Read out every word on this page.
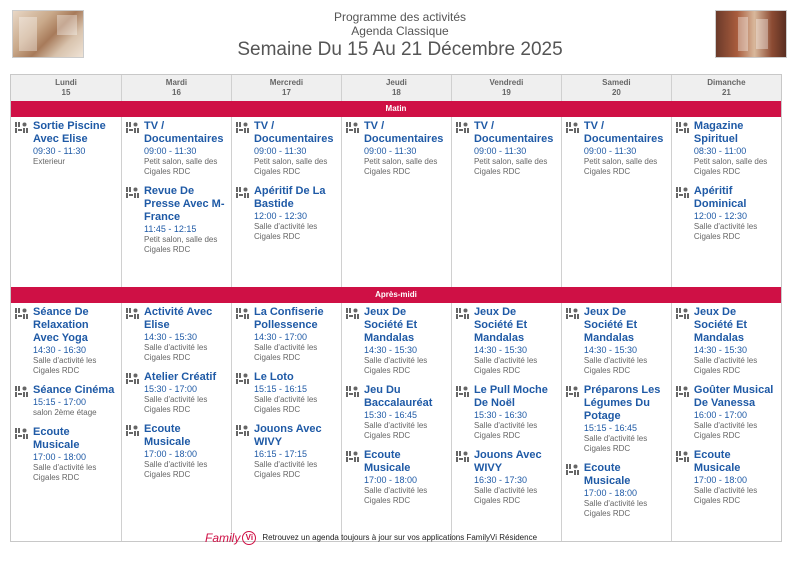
Programme des activités
Agenda Classique
Semaine Du 15 Au 21 Décembre 2025
Lundi
15
Mardi
16
Mercredi
17
Jeudi
18
Vendredi
19
Samedi
20
Dimanche
21
Matin
Sortie Piscine Avec Elise
09:30 - 11:30
Exterieur
TV / Documentaires
09:00 - 11:30
Petit salon, salle des Cigales RDC
Revue De Presse Avec M-France
11:45 - 12:15
Petit salon, salle des Cigales RDC
TV / Documentaires
09:00 - 11:30
Petit salon, salle des Cigales RDC
Apéritif De La Bastide
12:00 - 12:30
Salle d'activité les Cigales RDC
TV / Documentaires
09:00 - 11:30
Petit salon, salle des Cigales RDC
TV / Documentaires
09:00 - 11:30
Petit salon, salle des Cigales RDC
TV / Documentaires
09:00 - 11:30
Petit salon, salle des Cigales RDC
Magazine Spirituel
08:30 - 11:00
Petit salon, salle des Cigales RDC
Apéritif Dominical
12:00 - 12:30
Salle d'activité les Cigales RDC
Après-midi
Séance De Relaxation Avec Yoga
14:30 - 16:30
Salle d'activité les Cigales RDC
Séance Cinéma
15:15 - 17:00
salon 2ème étage
Ecoute Musicale
17:00 - 18:00
Salle d'activité les Cigales RDC
Activité Avec Elise
14:30 - 15:30
Salle d'activité les Cigales RDC
Atelier Créatif
15:30 - 17:00
Salle d'activité les Cigales RDC
Ecoute Musicale
17:00 - 18:00
Salle d'activité les Cigales RDC
La Confiserie Pollessence
14:30 - 17:00
Salle d'activité les Cigales RDC
Le Loto
15:15 - 16:15
Salle d'activité les Cigales RDC
Jouons Avec WIVY
16:15 - 17:15
Salle d'activité les Cigales RDC
Jeux De Société Et Mandalas
14:30 - 15:30
Salle d'activité les Cigales RDC
Jeu Du Baccalauréat
15:30 - 16:45
Salle d'activité les Cigales RDC
Ecoute Musicale
17:00 - 18:00
Salle d'activité les Cigales RDC
Jeux De Société Et Mandalas
14:30 - 15:30
Salle d'activité les Cigales RDC
Le Pull Moche De Noël
15:30 - 16:30
Salle d'activité les Cigales RDC
Jouons Avec WIVY
16:30 - 17:30
Salle d'activité les Cigales RDC
Jeux De Société Et Mandalas
14:30 - 15:30
Salle d'activité les Cigales RDC
Préparons Les Légumes Du Potage
15:15 - 16:45
Salle d'activité les Cigales RDC
Ecoute Musicale
17:00 - 18:00
Salle d'activité les Cigales RDC
Jeux De Société Et Mandalas
14:30 - 15:30
Salle d'activité les Cigales RDC
Goûter Musical De Vanessa
16:00 - 17:00
Salle d'activité les Cigales RDC
Ecoute Musicale
17:00 - 18:00
Salle d'activité les Cigales RDC
Family Vi	Retrouvez un agenda toujours à jour sur vos applications FamilyVi Résidence
